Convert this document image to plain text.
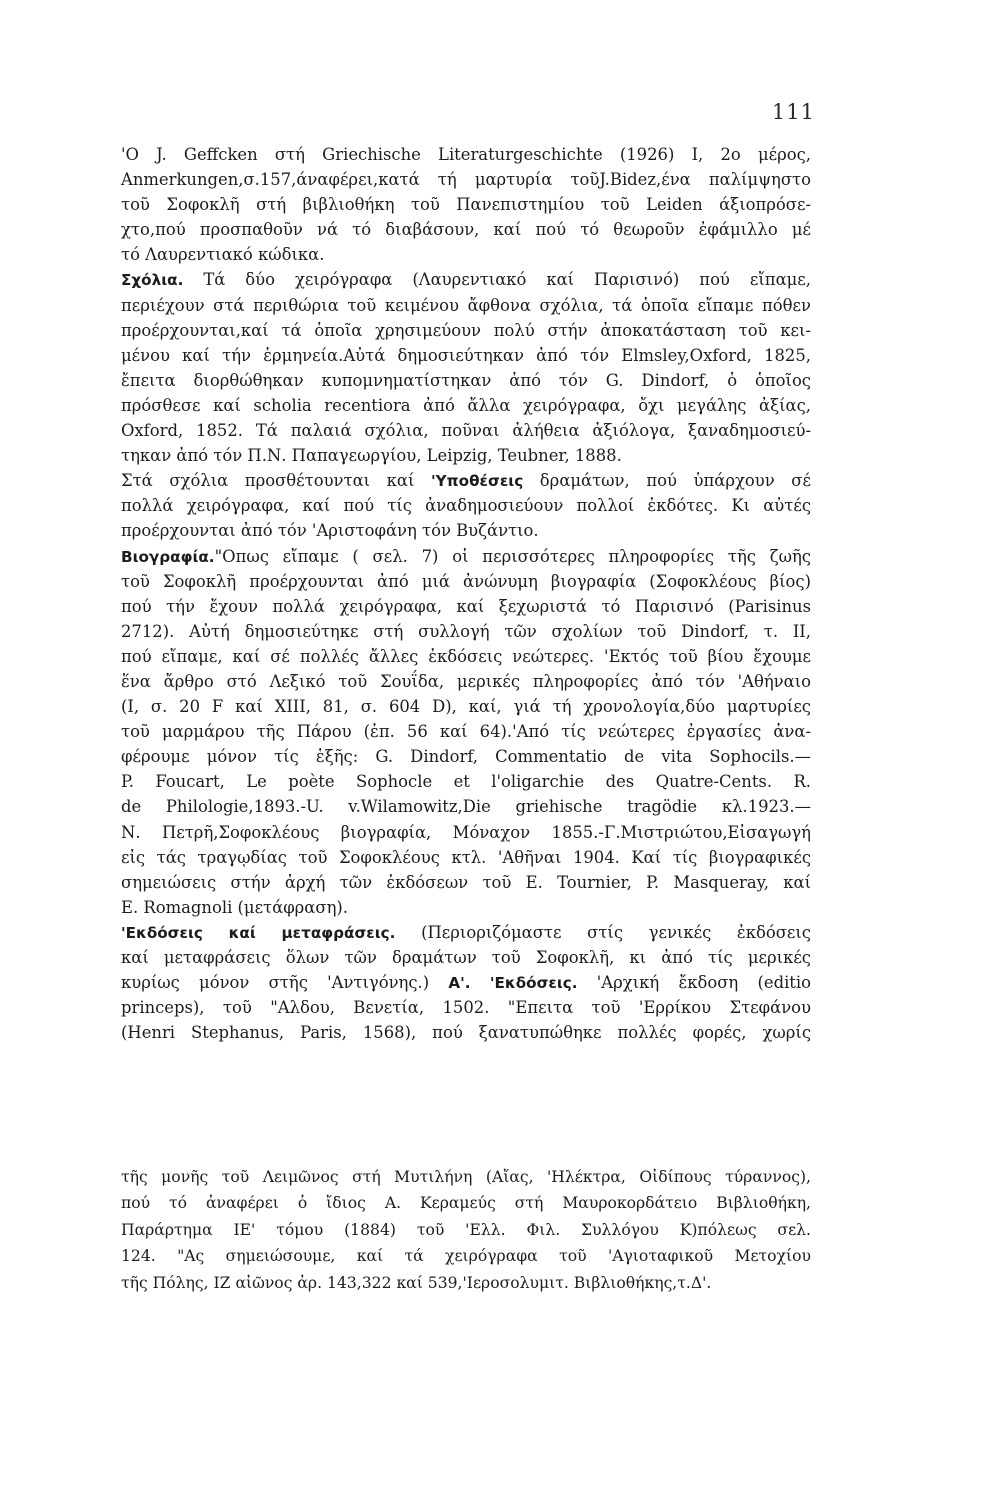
111
'O J. Geffcken στή Griechische Literaturgeschichte (1926) I, 2ο μέρος,
Anmerkungen,σ.157,άναφέρει,κατά τή μαρτυρία τοῦJ.Bidez,ένα παλίμψηστο
τοῦ Σοφοκλῆ στή βιβλιοθήκη τοῦ Πανεπιστημίου τοῦ Leiden άξιοπρόσε-
χτο,πού προσπαθοῦν νά τό διαβάσουν, καί πού τό θεωροῦν ἐφάμιλλο μέ
τό Λαυρεντιακό κώδικα.
Σχόλια. Τά δύο χειρόγραφα (Λαυρεντιακό καί Παρισινό) πού εἴπαμε,
περιέχουν στά περιθώρια τοῦ κειμένου ἄφθονα σχόλια, τά ὁποῖα εἴπαμε πόθεν
προέρχουνται,καί τά ὁποῖα χρησιμεύουν πολύ στήν ἀποκατάσταση τοῦ κει-
μένου καί τήν ἑρμηνεία.Αὐτά δημοσιεύτηκαν ἀπό τόν Elmsley,Oxford, 1825,
ἔπειτα διορθώθηκαν κυπομνηματίστηκαν ἀπό τόν G. Dindorf, ὁ ὁποῖος
πρόσθεσε καί scholia recentiora ἀπό ἄλλα χειρόγραφα, ὄχι μεγάλης ἀξίας,
Oxford, 1852. Τά παλαιά σχόλια, ποῦναι ἀλήθεια ἀξιόλογα, ξαναδημοσιεύ-
τηκαν ἀπό τόν Π.Ν. Παπαγεωργίου, Leipzig, Teubner, 1888.
Στά σχόλια προσθέτουνται καί 'Υποθέσεις δραμάτων, πού ὑπάρχουν σέ
πολλά χειρόγραφα, καί πού τίς ἀναδημοσιεύουν πολλοί ἐκδότες. Κι αὐτές
προέρχουνται ἀπό τόν 'Αριστοφάνη τόν Βυζάντιο.
Βιογραφία."Οπως εἴπαμε ( σελ. 7) οἱ περισσότερες πληροφορίες τῆς ζωῆς
τοῦ Σοφοκλῆ προέρχουνται ἀπό μιά ἀνώνυμη βιογραφία (Σοφοκλέους βίος)
πού τήν ἔχουν πολλά χειρόγραφα, καί ξεχωριστά τό Παρισινό (Parisinus
2712). Αὐτή δημοσιεύτηκε στή συλλογή τῶν σχολίων τοῦ Dindorf, τ. II,
πού εἴπαμε, καί σέ πολλές ἄλλες ἐκδόσεις νεώτερες. 'Εκτός τοῦ βίου ἔχουμε
ἕνα ἄρθρο στό Λεξικό τοῦ Σουΐδα, μερικές πληροφορίες ἀπό τόν 'Αθήναιο
(I, σ. 20 F καί XIII, 81, σ. 604 D), καί, γιά τή χρονολογία,δύο μαρτυρίες
τοῦ μαρμάρου τῆς Πάρου (ἐπ. 56 καί 64).'Από τίς νεώτερες ἐργασίες ἀνα-
φέρουμε μόνον τίς ἑξῆς: G. Dindorf, Commentatio de vita Sophocils.—
P. Foucart, Le poète Sophocle et l'oligarchie des Quatre-Cents. R.
de Philologie,1893.-U. v.Wilamowitz,Die griehische tragödie κλ.1923.—
Ν. Πετρῆ,Σοφοκλέους βιογραφία, Μόναχον 1855.-Γ.Μιστριώτου,Εἰσαγωγή
εἰς τάς τραγῳδίας τοῦ Σοφοκλέους κτλ. 'Αθῆναι 1904. Καί τίς βιογραφικές
σημειώσεις στήν ἀρχή τῶν ἐκδόσεων τοῦ E. Tournier, P. Masqueray, καί
E. Romagnoli (μετάφραση).
'Εκδόσεις καί μεταφράσεις. (Περιοριζόμαστε στίς γενικές ἐκδόσεις
καί μεταφράσεις ὅλων τῶν δραμάτων τοῦ Σοφοκλῆ, κι ἀπό τίς μερικές
κυρίως μόνον στῆς 'Αντιγόνης.) Α'. 'Εκδόσεις. 'Αρχική ἔκδοση (editio
princeps), τοῦ "Αλδου, Βενετία, 1502. "Επειτα τοῦ 'Ερρίκου Στεφάνου
(Henri Stephanus, Paris, 1568), πού ξανατυπώθηκε πολλές φορές, χωρίς
τῆς μονῆς τοῦ Λειμῶνος στή Μυτιλήνη (Αἴας, 'Ηλέκτρα, Οἰδίπους τύραννος),
πού τό ἀναφέρει ὁ ἴδιος Α. Κεραμεύς στή Μαυροκορδάτειο Βιβλιοθήκη,
Παράρτημα ΙΕ' τόμου (1884) τοῦ 'Ελλ. Φιλ. Συλλόγου Κ)πόλεως σελ.
124. "Ας σημειώσουμε, καί τά χειρόγραφα τοῦ 'Αγιοταφικοῦ Μετοχίου
τῆς Πόλης, ΙΖ αἰῶνος ἀρ. 143,322 καί 539,'Ιεροσολυμιτ. Βιβλιοθήκης,τ.Δ'.
